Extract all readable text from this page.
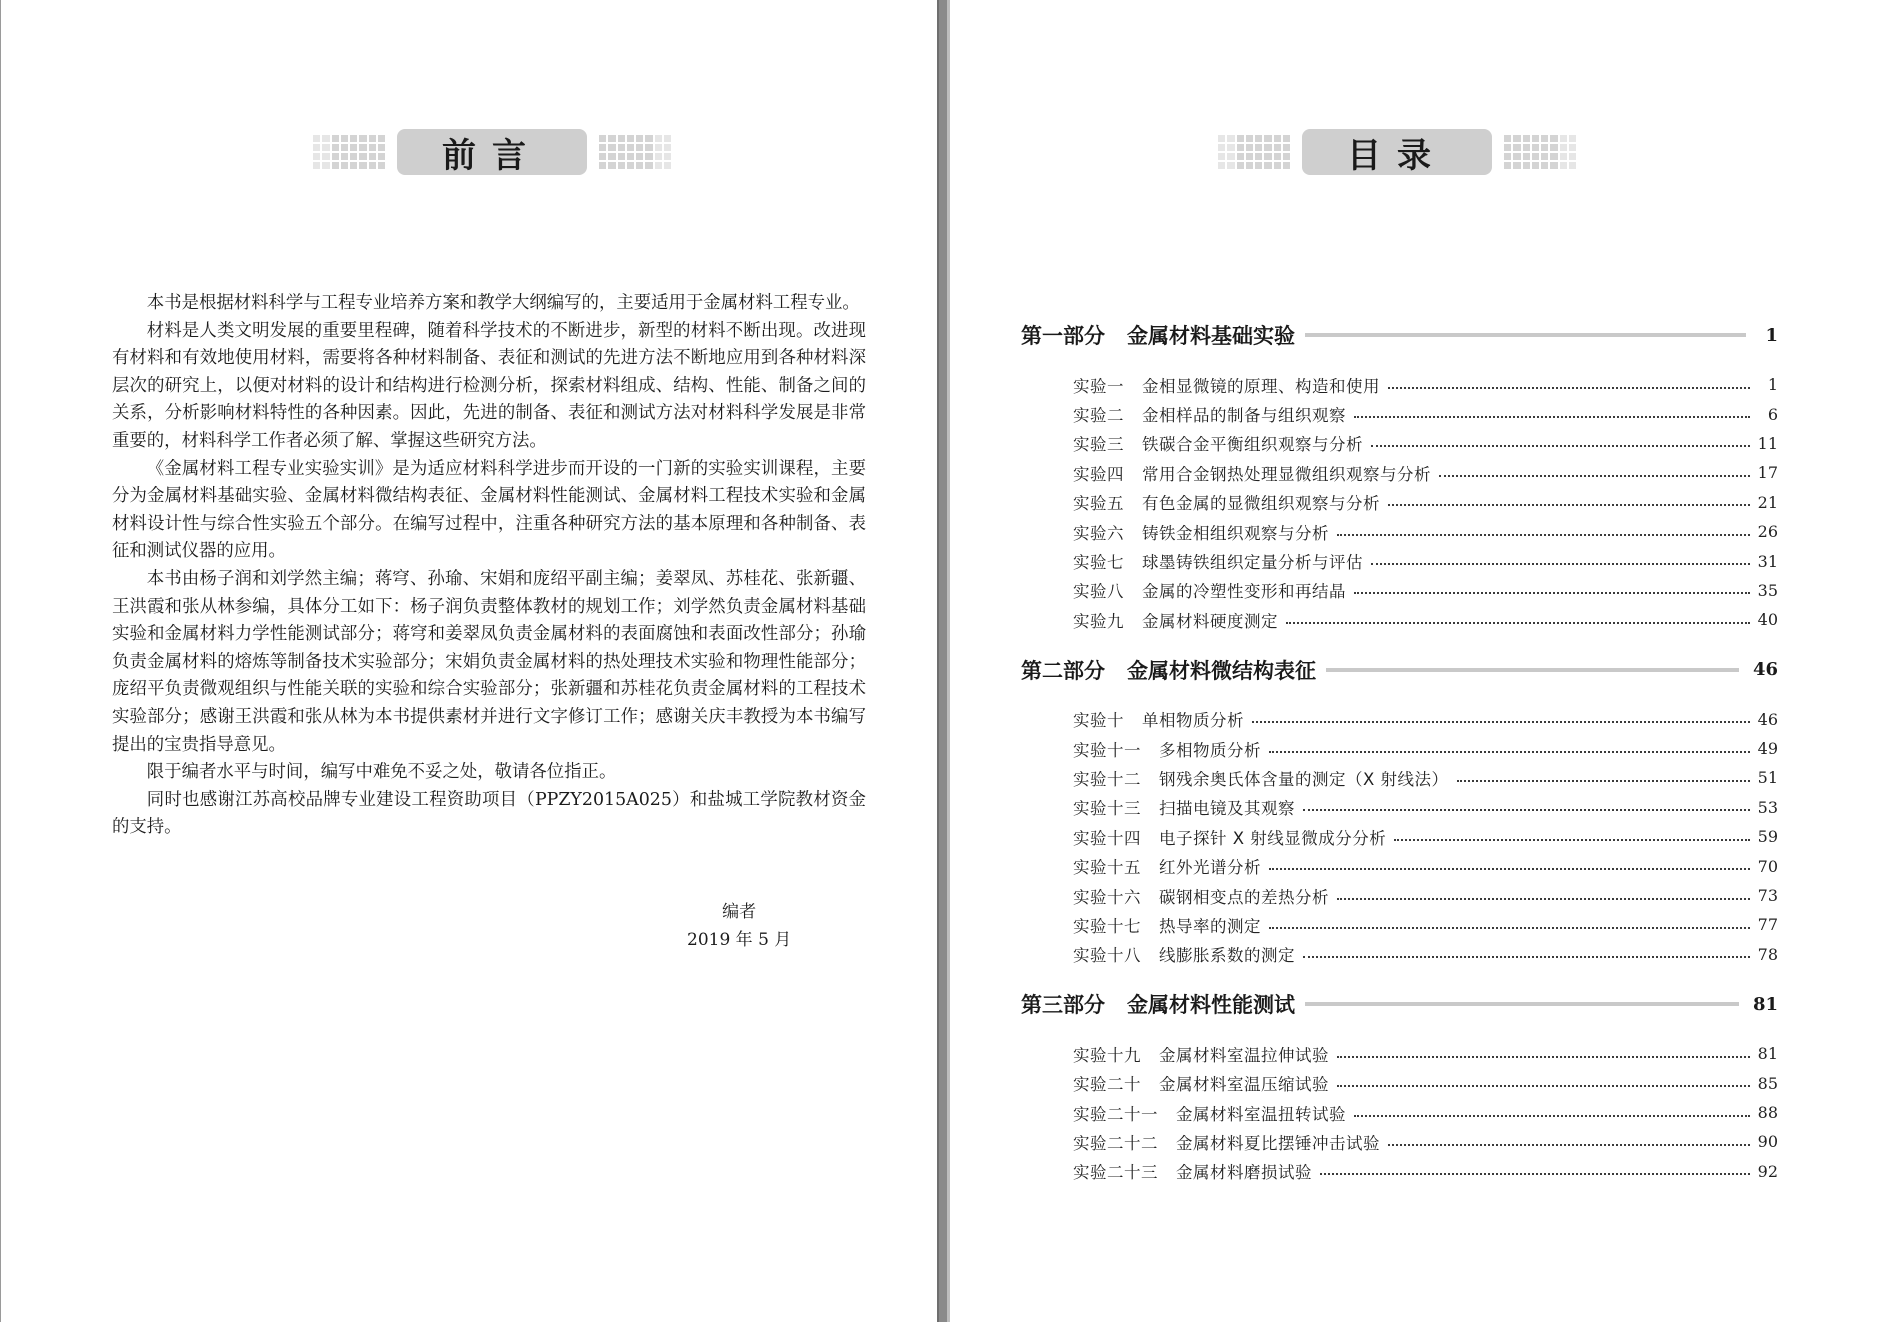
前言

本书是根据材料科学与工程专业培养方案和教学大纲编写的，主要适用于金属材料工程专业。

材料是人类文明发展的重要里程碑，随着科学技术的不断进步，新型的材料不断出现。改进现有材料和有效地使用材料，需要将各种材料制备、表征和测试的先进方法不断地应用到各种材料深层次的研究上，以便对材料的设计和结构进行检测分析，探索材料组成、结构、性能、制备之间的关系，分析影响材料特性的各种因素。因此，先进的制备、表征和测试方法对材料科学发展是非常重要的，材料科学工作者必须了解、掌握这些研究方法。

《金属材料工程专业实验实训》是为适应材料科学进步而开设的一门新的实验实训课程，主要分为金属材料基础实验、金属材料微结构表征、金属材料性能测试、金属材料工程技术实验和金属材料设计性与综合性实验五个部分。在编写过程中，注重各种研究方法的基本原理和各种制备、表征和测试仪器的应用。

本书由杨子润和刘学然主编；蒋穹、孙瑜、宋娟和庞绍平副主编；姜翠凤、苏桂花、张新疆、王洪霞和张从林参编，具体分工如下：杨子润负责整体教材的规划工作；刘学然负责金属材料基础实验和金属材料力学性能测试部分；蒋穹和姜翠凤负责金属材料的表面腐蚀和表面改性部分；孙瑜负责金属材料的熔炼等制备技术实验部分；宋娟负责金属材料的热处理技术实验和物理性能部分；庞绍平负责微观组织与性能关联的实验和综合实验部分；张新疆和苏桂花负责金属材料的工程技术实验部分；感谢王洪霞和张从林为本书提供素材并进行文字修订工作；感谢关庆丰教授为本书编写提出的宝贵指导意见。

限于编者水平与时间，编写中难免不妥之处，敬请各位指正。

同时也感谢江苏高校品牌专业建设工程资助项目（PPZY2015A025）和盐城工学院教材资金的支持。

编者
2019 年 5 月
目录
第一部分 金属材料基础实验	1
实验一 金相显微镜的原理、构造和使用	1
实验二 金相样品的制备与组织观察	6
实验三 铁碳合金平衡组织观察与分析	11
实验四 常用合金钢热处理显微组织观察与分析	17
实验五 有色金属的显微组织观察与分析	21
实验六 铸铁金相组织观察与分析	26
实验七 球墨铸铁组织定量分析与评估	31
实验八 金属的冷塑性变形和再结晶	35
实验九 金属材料硬度测定	40
第二部分 金属材料微结构表征	46
实验十 单相物质分析	46
实验十一 多相物质分析	49
实验十二 钢残余奥氏体含量的测定（X 射线法）	51
实验十三 扫描电镜及其观察	53
实验十四 电子探针 X 射线显微成分分析	59
实验十五 红外光谱分析	70
实验十六 碳钢相变点的差热分析	73
实验十七 热导率的测定	77
实验十八 线膨胀系数的测定	78
第三部分 金属材料性能测试	81
实验十九 金属材料室温拉伸试验	81
实验二十 金属材料室温压缩试验	85
实验二十一 金属材料室温扭转试验	88
实验二十二 金属材料夏比摆锤冲击试验	90
实验二十三 金属材料磨损试验	92
